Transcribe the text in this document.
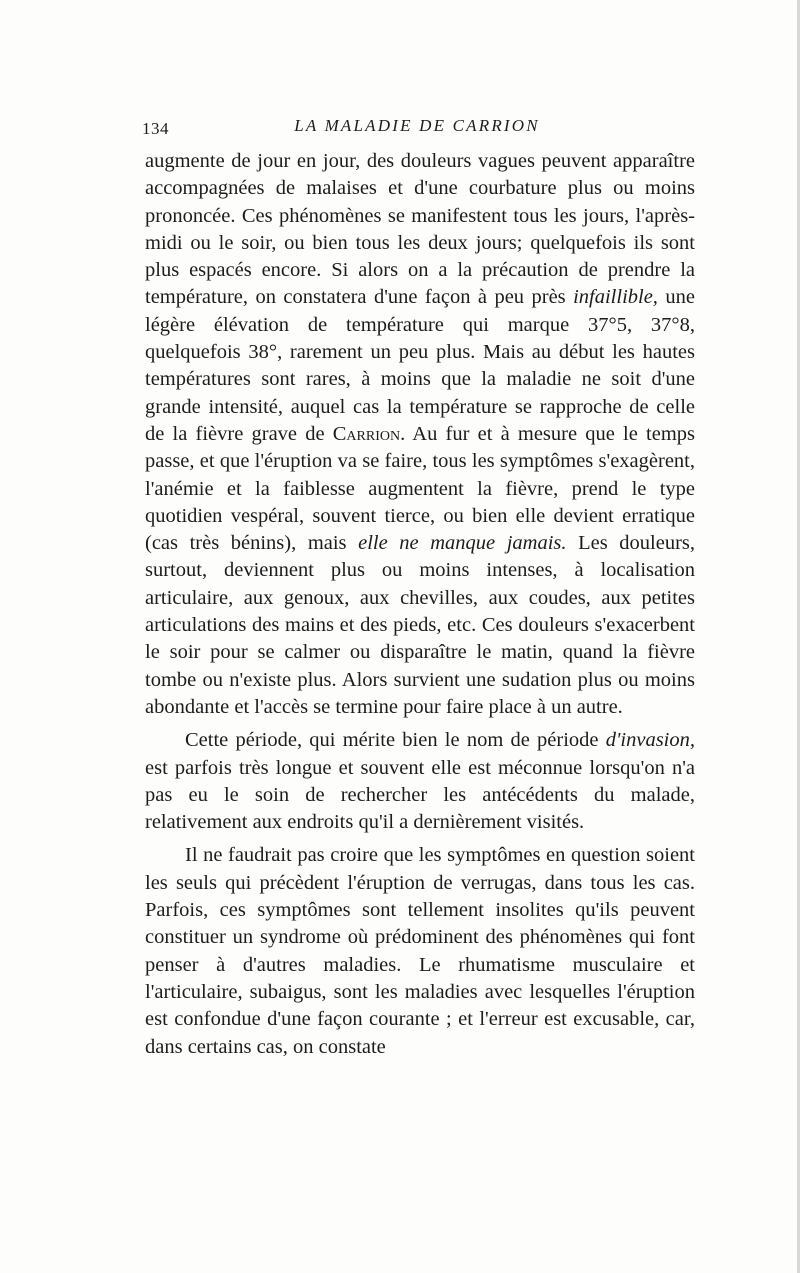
134	LA MALADIE DE CARRION

augmente de jour en jour, des douleurs vagues peuvent apparaître accompagnées de malaises et d'une courbature plus ou moins prononcée. Ces phénomènes se manifestent tous les jours, l'après-midi ou le soir, ou bien tous les deux jours; quelquefois ils sont plus espacés encore. Si alors on a la précaution de prendre la température, on constatera d'une façon à peu près infaillible, une légère élévation de température qui marque 37°5, 37°8, quelquefois 38°, rarement un peu plus. Mais au début les hautes températures sont rares, à moins que la maladie ne soit d'une grande intensité, auquel cas la température se rapproche de celle de la fièvre grave de Carrion. Au fur et à mesure que le temps passe, et que l'éruption va se faire, tous les symptômes s'exagèrent, l'anémie et la faiblesse augmentent la fièvre, prend le type quotidien vespéral, souvent tierce, ou bien elle devient erratique (cas très bénins), mais elle ne manque jamais. Les douleurs, surtout, deviennent plus ou moins intenses, à localisation articulaire, aux genoux, aux chevilles, aux coudes, aux petites articulations des mains et des pieds, etc. Ces douleurs s'exacerbent le soir pour se calmer ou disparaître le matin, quand la fièvre tombe ou n'existe plus. Alors survient une sudation plus ou moins abondante et l'accès se termine pour faire place à un autre.

Cette période, qui mérite bien le nom de période d'invasion, est parfois très longue et souvent elle est méconnue lorsqu'on n'a pas eu le soin de rechercher les antécédents du malade, relativement aux endroits qu'il a dernièrement visités.

Il ne faudrait pas croire que les symptômes en question soient les seuls qui précèdent l'éruption de verrugas, dans tous les cas. Parfois, ces symptômes sont tellement insolites qu'ils peuvent constituer un syndrome où prédominent des phénomènes qui font penser à d'autres maladies. Le rhumatisme musculaire et l'articulaire, subaigus, sont les maladies avec lesquelles l'éruption est confondue d'une façon courante ; et l'erreur est excusable, car, dans certains cas, on constate
